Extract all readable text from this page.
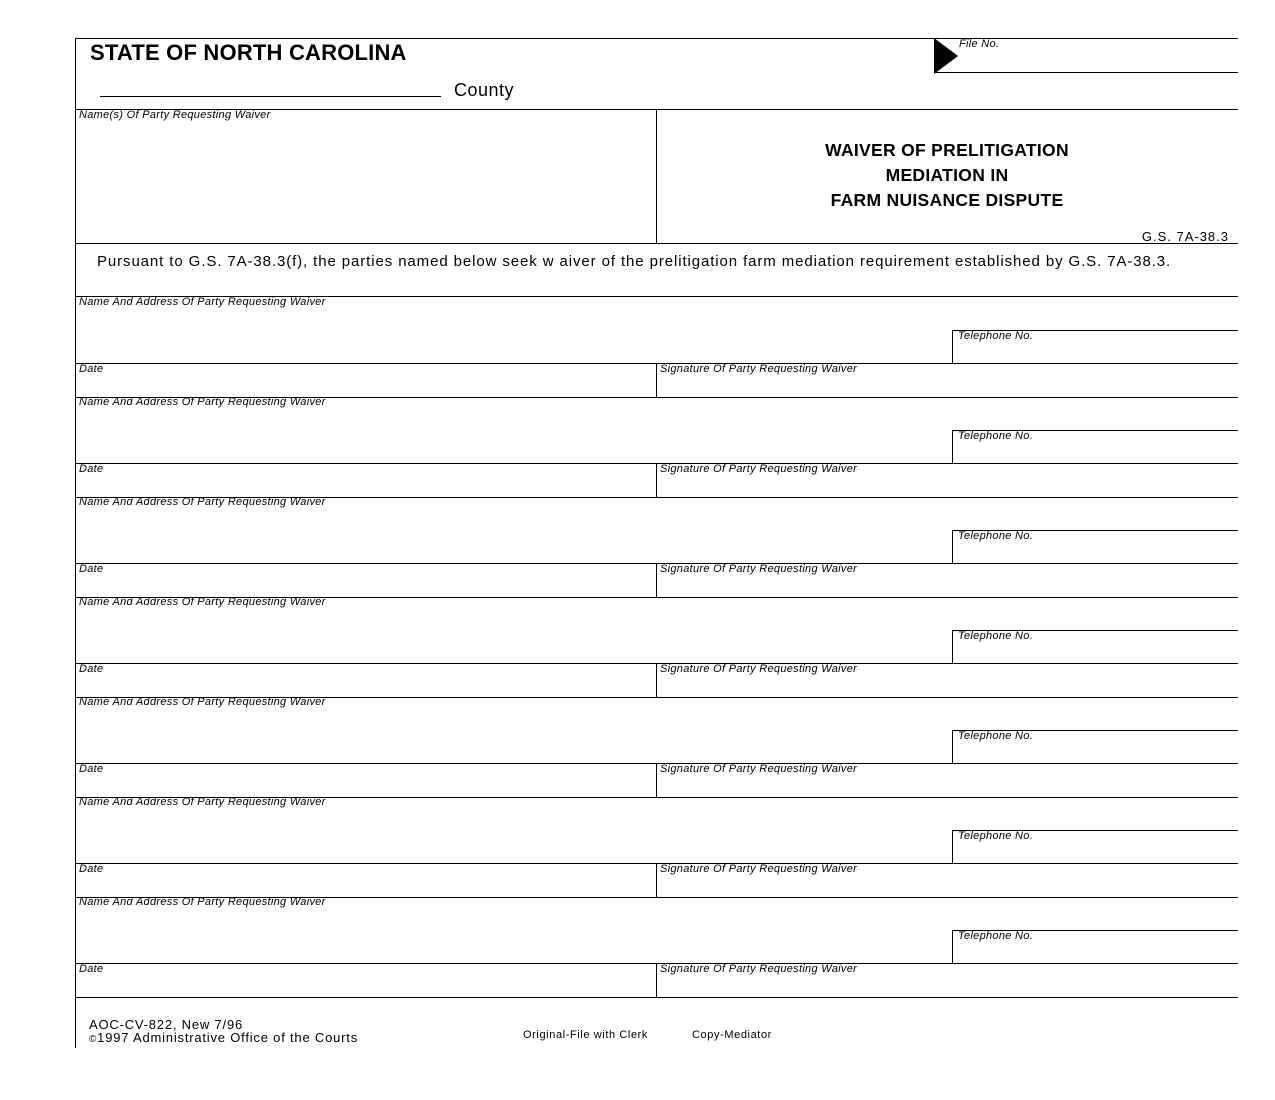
STATE OF NORTH CAROLINA
County
File No.
Name(s) Of Party Requesting Waiver
WAIVER OF PRELITIGATION
MEDIATION IN
FARM NUISANCE DISPUTE
G.S. 7A-38.3
Pursuant to G.S. 7A-38.3(f), the parties named below seek w aiver of the prelitigation farm mediation requirement established by G.S. 7A-38.3.
Name And Address Of Party Requesting Waiver
Telephone No.
Date	Signature Of Party Requesting Waiver
Name And Address Of Party Requesting Waiver
Telephone No.
Date	Signature Of Party Requesting Waiver
Name And Address Of Party Requesting Waiver
Telephone No.
Date	Signature Of Party Requesting Waiver
Name And Address Of Party Requesting Waiver
Telephone No.
Date	Signature Of Party Requesting Waiver
Name And Address Of Party Requesting Waiver
Telephone No.
Date	Signature Of Party Requesting Waiver
Name And Address Of Party Requesting Waiver
Telephone No.
Date	Signature Of Party Requesting Waiver
Name And Address Of Party Requesting Waiver
Telephone No.
Date	Signature Of Party Requesting Waiver
AOC-CV-822, New 7/96
©1997 Administrative Office of the Courts	Original-File with Clerk	Copy-Mediator
